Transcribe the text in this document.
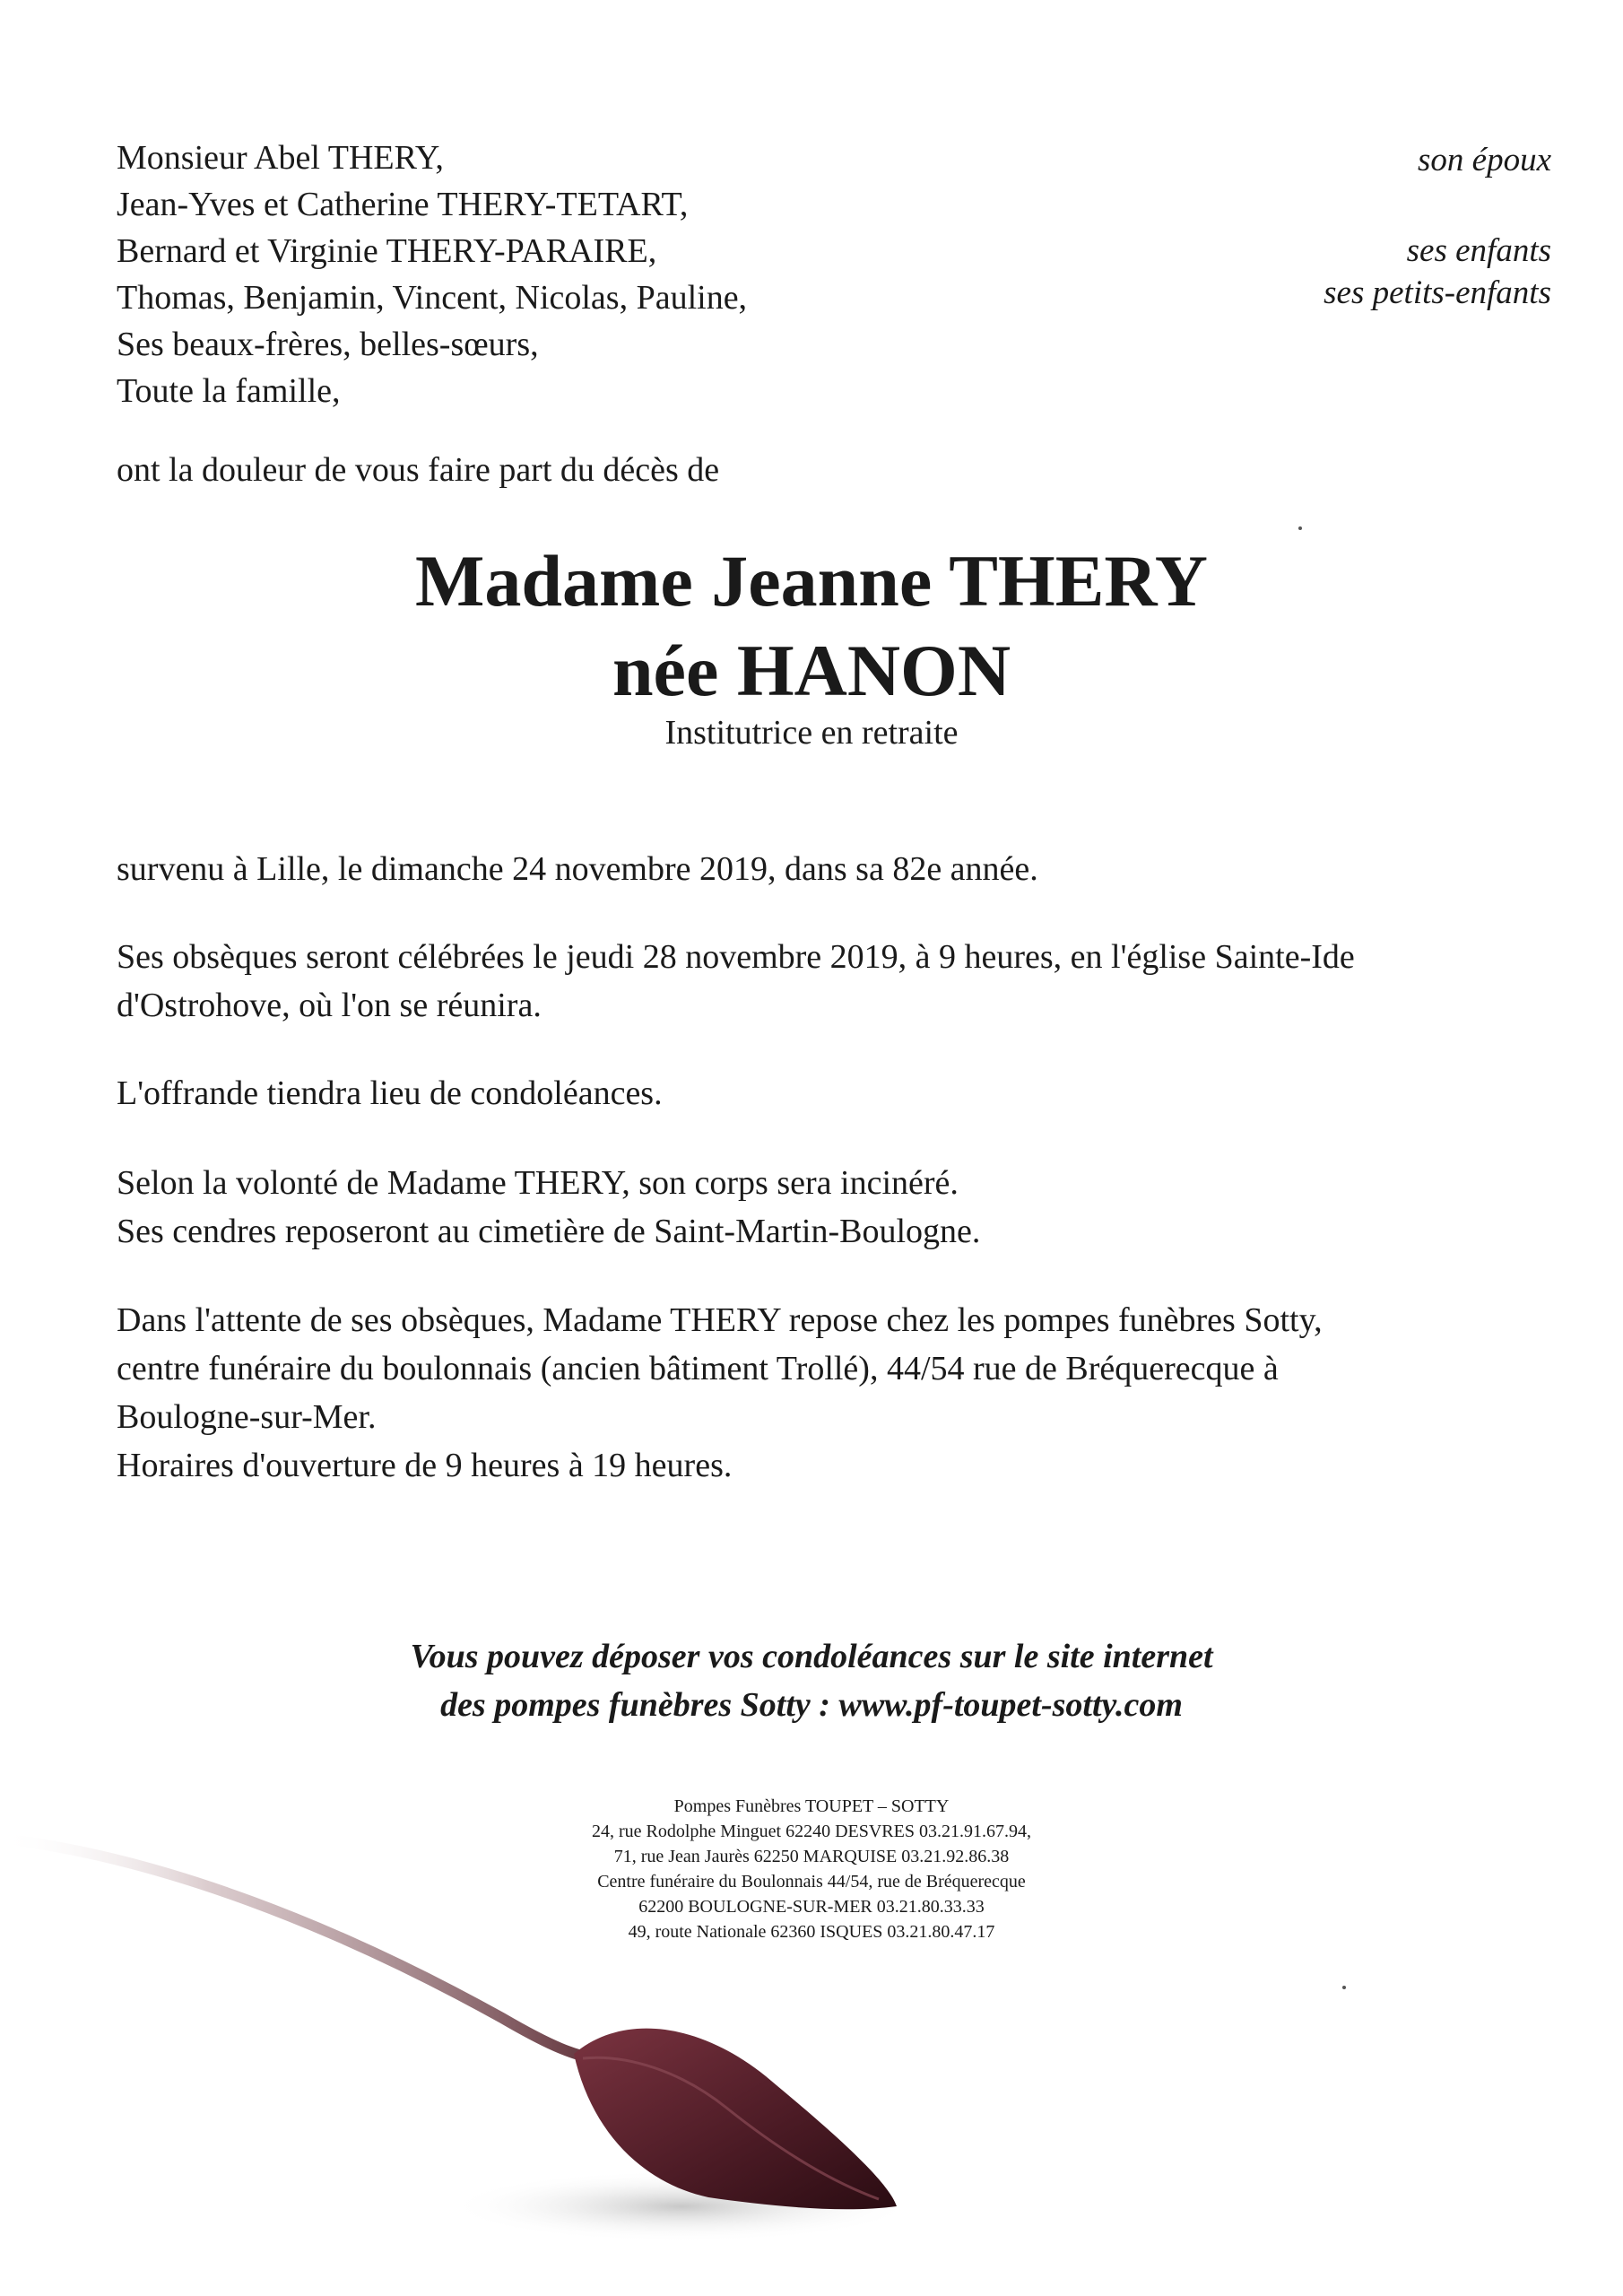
Monsieur Abel THERY,
Jean-Yves et Catherine THERY-TETART,
Bernard et Virginie THERY-PARAIRE,
Thomas, Benjamin, Vincent, Nicolas, Pauline,
Ses beaux-frères, belles-sœurs,
Toute la famille,
son époux
ses enfants
ses petits-enfants
ont la douleur de vous faire part du décès de
Madame Jeanne THERY
née HANON
Institutrice en retraite
survenu à Lille, le dimanche 24 novembre 2019, dans sa 82e année.
Ses obsèques seront célébrées le jeudi 28 novembre 2019, à 9 heures, en l'église Sainte-Ide
d'Ostrohove, où l'on se réunira.
L'offrande tiendra lieu de condoléances.
Selon la volonté de Madame THERY, son corps sera incinéré.
Ses cendres reposeront au cimetière de Saint-Martin-Boulogne.
Dans l'attente de ses obsèques, Madame THERY repose chez les pompes funèbres Sotty,
centre funéraire du boulonnais (ancien bâtiment Trollé), 44/54 rue de Bréquerecque à
Boulogne-sur-Mer.
Horaires d'ouverture de 9 heures à 19 heures.
Vous pouvez déposer vos condoléances sur le site internet
des pompes funèbres Sotty : www.pf-toupet-sotty.com
Pompes Funèbres TOUPET – SOTTY
24, rue Rodolphe Minguet 62240 DESVRES 03.21.91.67.94,
71, rue Jean Jaurès 62250 MARQUISE 03.21.92.86.38
Centre funéraire du Boulonnais 44/54, rue de Bréquerecque
62200 BOULOGNE-SUR-MER 03.21.80.33.33
49, route Nationale 62360 ISQUES 03.21.80.47.17
